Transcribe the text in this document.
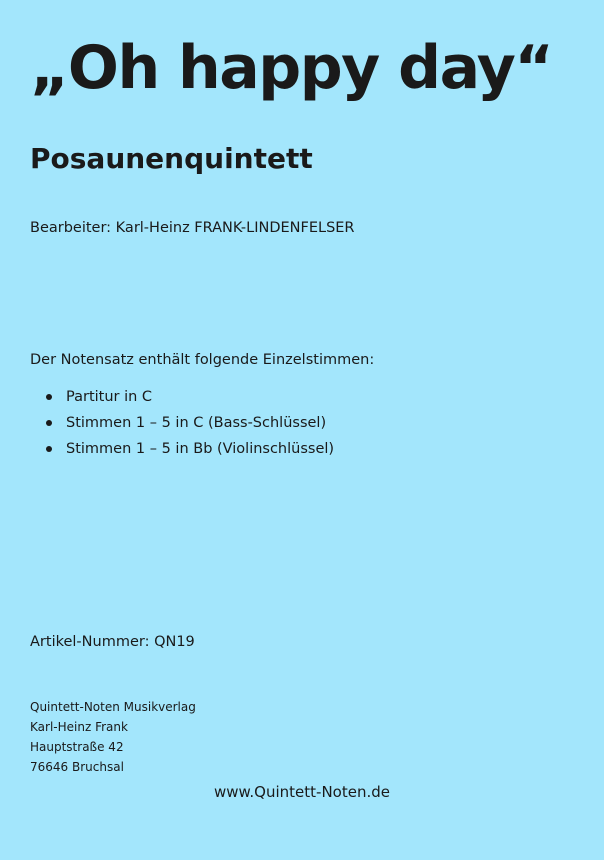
„Oh happy day“
Posaunenquintett
Bearbeiter: Karl-Heinz FRANK-LINDENFELSER
Der Notensatz enthält folgende Einzelstimmen:
Partitur in C
Stimmen 1 – 5 in C (Bass-Schlüssel)
Stimmen 1 – 5 in Bb (Violinschlüssel)
Artikel-Nummer: QN19
Quintett-Noten Musikverlag
Karl-Heinz Frank
Hauptstraße 42
76646 Bruchsal
www.Quintett-Noten.de
